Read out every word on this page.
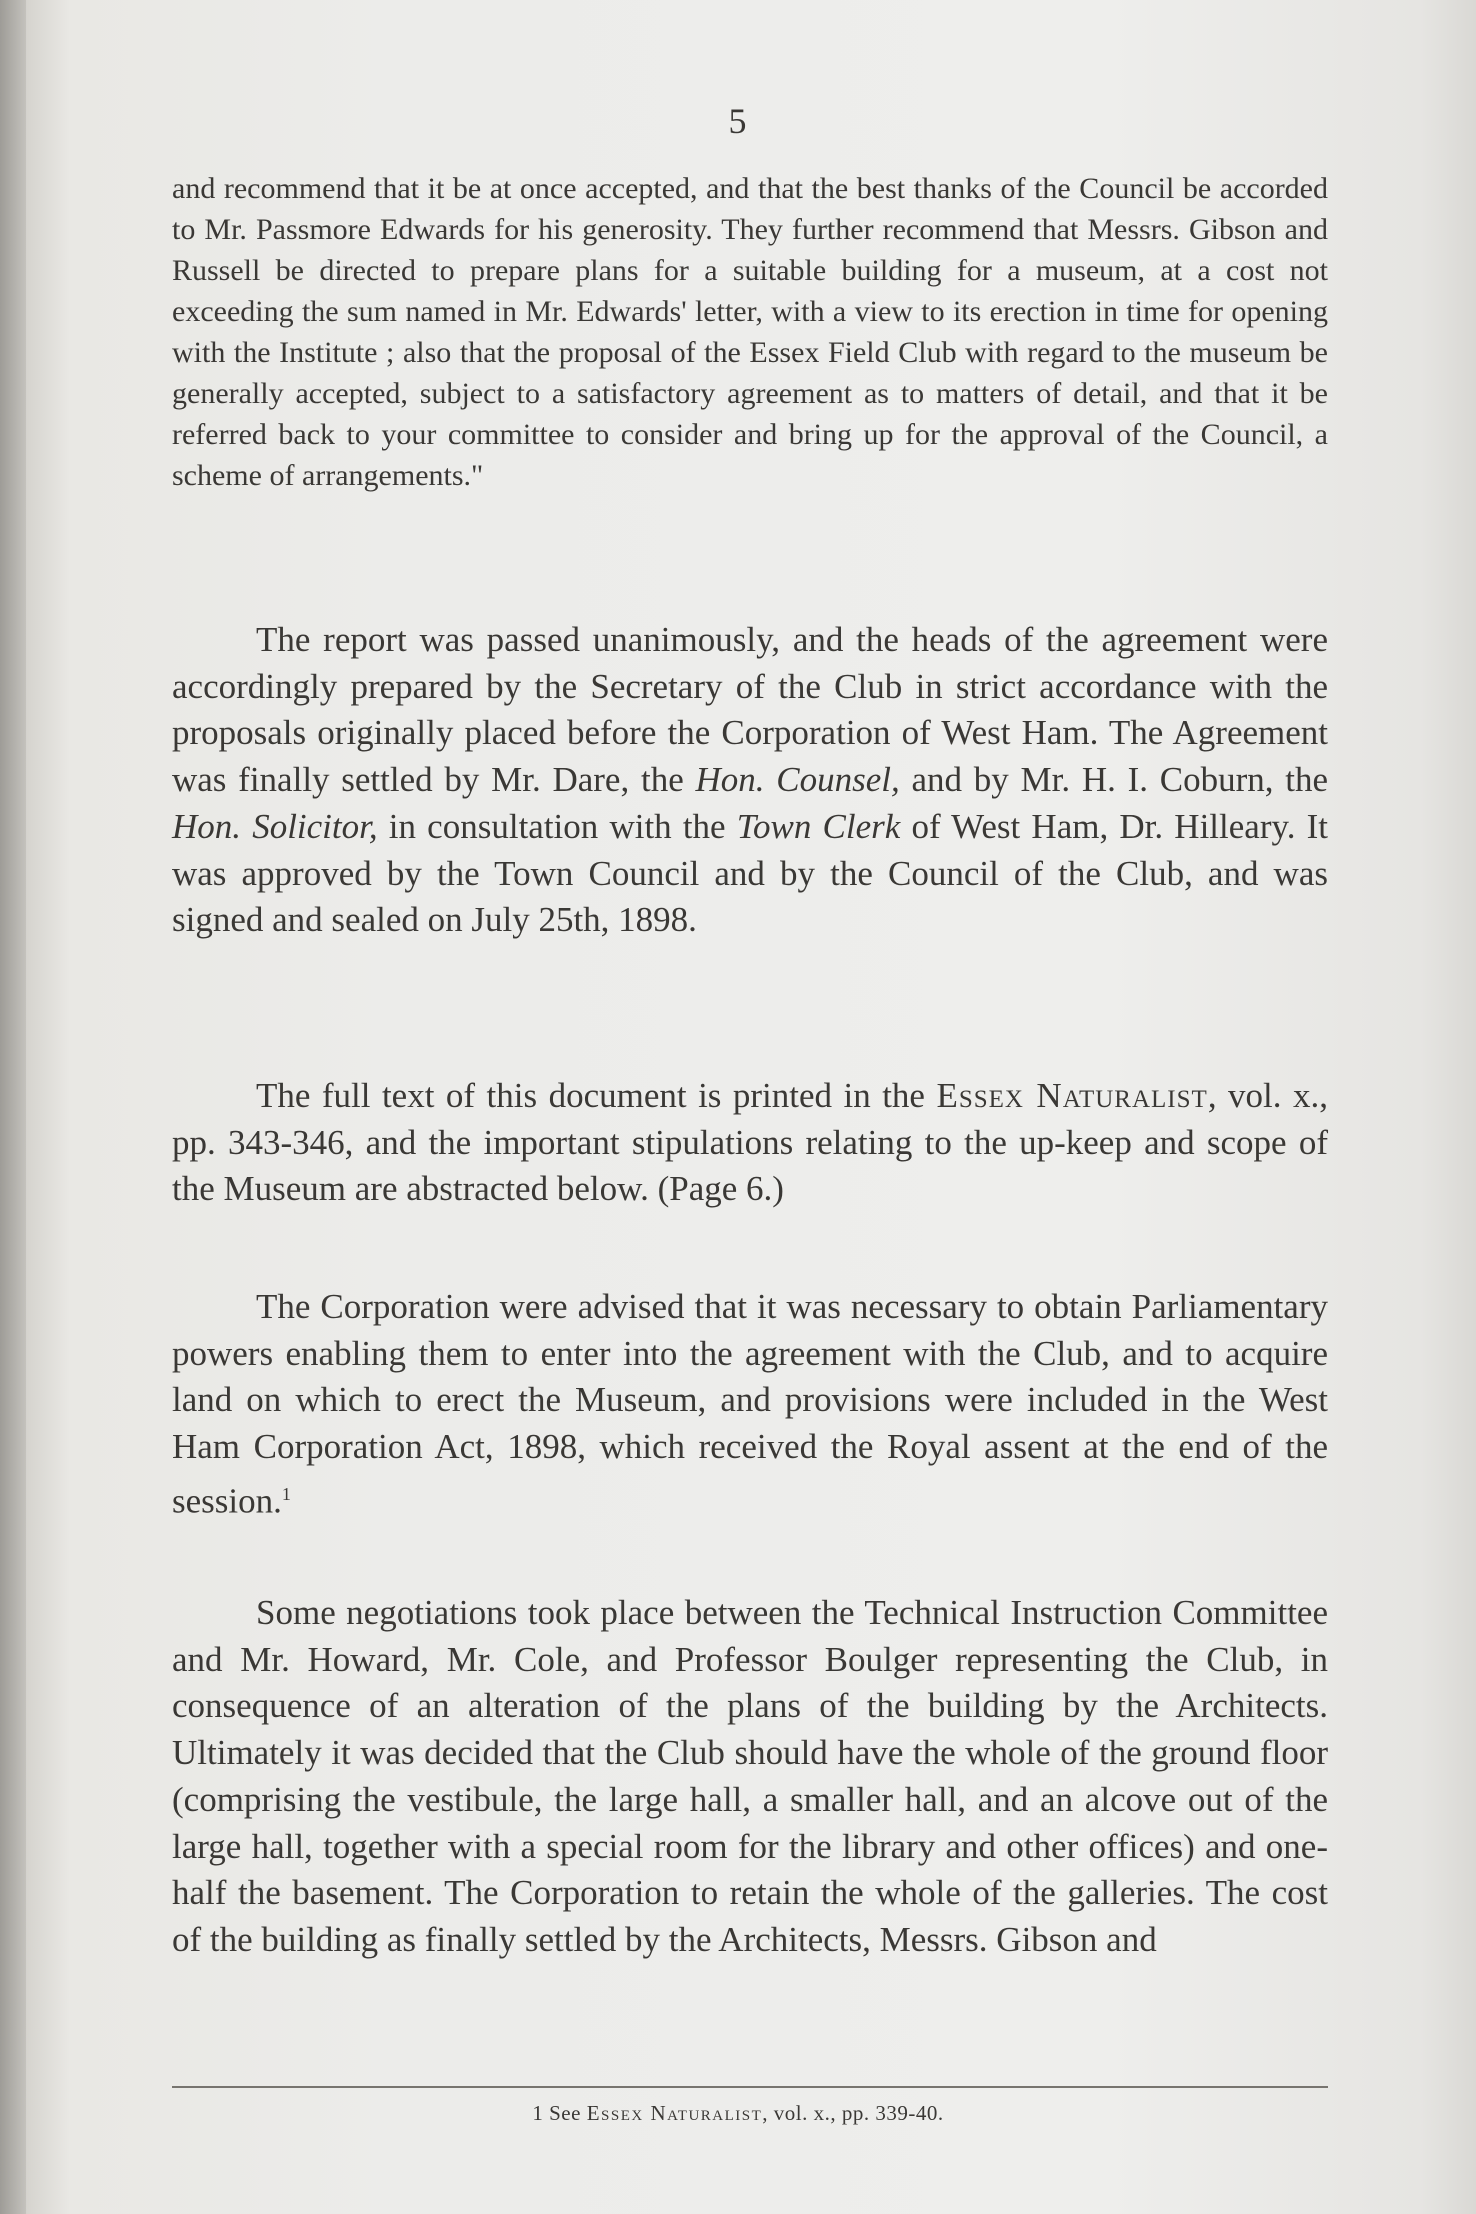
5

and recommend that it be at once accepted, and that the best thanks of the Council be accorded to Mr. Passmore Edwards for his generosity. They further recommend that Messrs. Gibson and Russell be directed to prepare plans for a suitable building for a museum, at a cost not exceeding the sum named in Mr. Edwards' letter, with a view to its erection in time for opening with the Institute ; also that the proposal of the Essex Field Club with regard to the museum be generally accepted, subject to a satisfactory agreement as to matters of detail, and that it be referred back to your committee to consider and bring up for the approval of the Council, a scheme of arrangements."

The report was passed unanimously, and the heads of the agreement were accordingly prepared by the Secretary of the Club in strict accordance with the proposals originally placed before the Corporation of West Ham. The Agreement was finally settled by Mr. Dare, the Hon. Counsel, and by Mr. H. I. Coburn, the Hon. Solicitor, in consultation with the Town Clerk of West Ham, Dr. Hilleary. It was approved by the Town Council and by the Council of the Club, and was signed and sealed on July 25th, 1898.

The full text of this document is printed in the Essex Naturalist, vol. x., pp. 343-346, and the important stipulations relating to the up-keep and scope of the Museum are abstracted below. (Page 6.)

The Corporation were advised that it was necessary to obtain Parliamentary powers enabling them to enter into the agreement with the Club, and to acquire land on which to erect the Museum, and provisions were included in the West Ham Corporation Act, 1898, which received the Royal assent at the end of the session.$^1$

Some negotiations took place between the Technical Instruction Committee and Mr. Howard, Mr. Cole, and Professor Boulger representing the Club, in consequence of an alteration of the plans of the building by the Architects. Ultimately it was decided that the Club should have the whole of the ground floor (comprising the vestibule, the large hall, a smaller hall, and an alcove out of the large hall, together with a special room for the library and other offices) and one-half the basement. The Corporation to retain the whole of the galleries. The cost of the building as finally settled by the Architects, Messrs. Gibson and

1 See Essex Naturalist, vol. x., pp. 339-40.
